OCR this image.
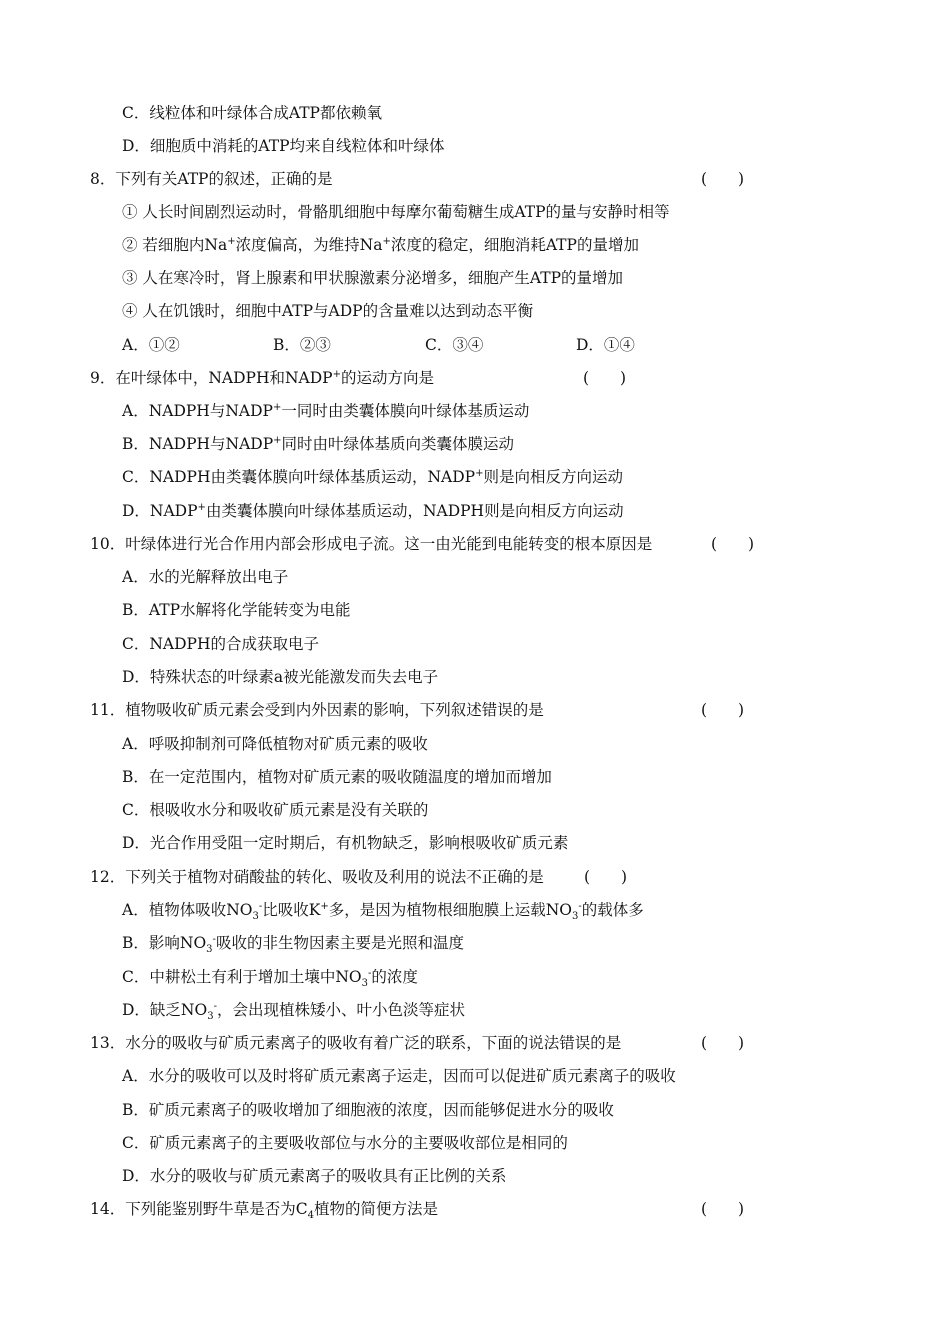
C．线粒体和叶绿体合成ATP都依赖氧
D．细胞质中消耗的ATP均来自线粒体和叶绿体
8．下列有关ATP的叙述，正确的是	(　　)
① 人长时间剧烈运动时，骨骼肌细胞中每摩尔葡萄糖生成ATP的量与安静时相等
② 若细胞内Na+浓度偏高，为维持Na+浓度的稳定，细胞消耗ATP的量增加
③ 人在寒冷时，肾上腺素和甲状腺激素分泌增多，细胞产生ATP的量增加
④ 人在饥饿时，细胞中ATP与ADP的含量难以达到动态平衡
A．①②	B．②③	C．③④	D．①④
9．在叶绿体中，NADPH和NADP+的运动方向是	(　　)
A．NADPH与NADP+一同时由类囊体膜向叶绿体基质运动
B．NADPH与NADP+同时由叶绿体基质向类囊体膜运动
C．NADPH由类囊体膜向叶绿体基质运动，NADP+则是向相反方向运动
D．NADP+由类囊体膜向叶绿体基质运动，NADPH则是向相反方向运动
10．叶绿体进行光合作用内部会形成电子流。这一由光能到电能转变的根本原因是	(　　)
A．水的光解释放出电子
B．ATP水解将化学能转变为电能
C．NADPH的合成获取电子
D．特殊状态的叶绿素a被光能激发而失去电子
11．植物吸收矿质元素会受到内外因素的影响，下列叙述错误的是	(　　)
A．呼吸抑制剂可降低植物对矿质元素的吸收
B．在一定范围内，植物对矿质元素的吸收随温度的增加而增加
C．根吸收水分和吸收矿质元素是没有关联的
D．光合作用受阻一定时期后，有机物缺乏，影响根吸收矿质元素
12．下列关于植物对硝酸盐的转化、吸收及利用的说法不正确的是	(　　)
A．植物体吸收$NO_3^-$比吸收K+多，是因为植物根细胞膜上运载$NO_3^-$的载体多
B．影响$NO_3^-$吸收的非生物因素主要是光照和温度
C．中耕松土有利于增加土壤中$NO_3^-$的浓度
D．缺乏$NO_3^-$，会出现植株矮小、叶小色淡等症状
13．水分的吸收与矿质元素离子的吸收有着广泛的联系，下面的说法错误的是	(　　)
A．水分的吸收可以及时将矿质元素离子运走，因而可以促进矿质元素离子的吸收
B．矿质元素离子的吸收增加了细胞液的浓度，因而能够促进水分的吸收
C．矿质元素离子的主要吸收部位与水分的主要吸收部位是相同的
D．水分的吸收与矿质元素离子的吸收具有正比例的关系
14．下列能鉴别野牛草是否为$C_4$植物的简便方法是	(　　)
